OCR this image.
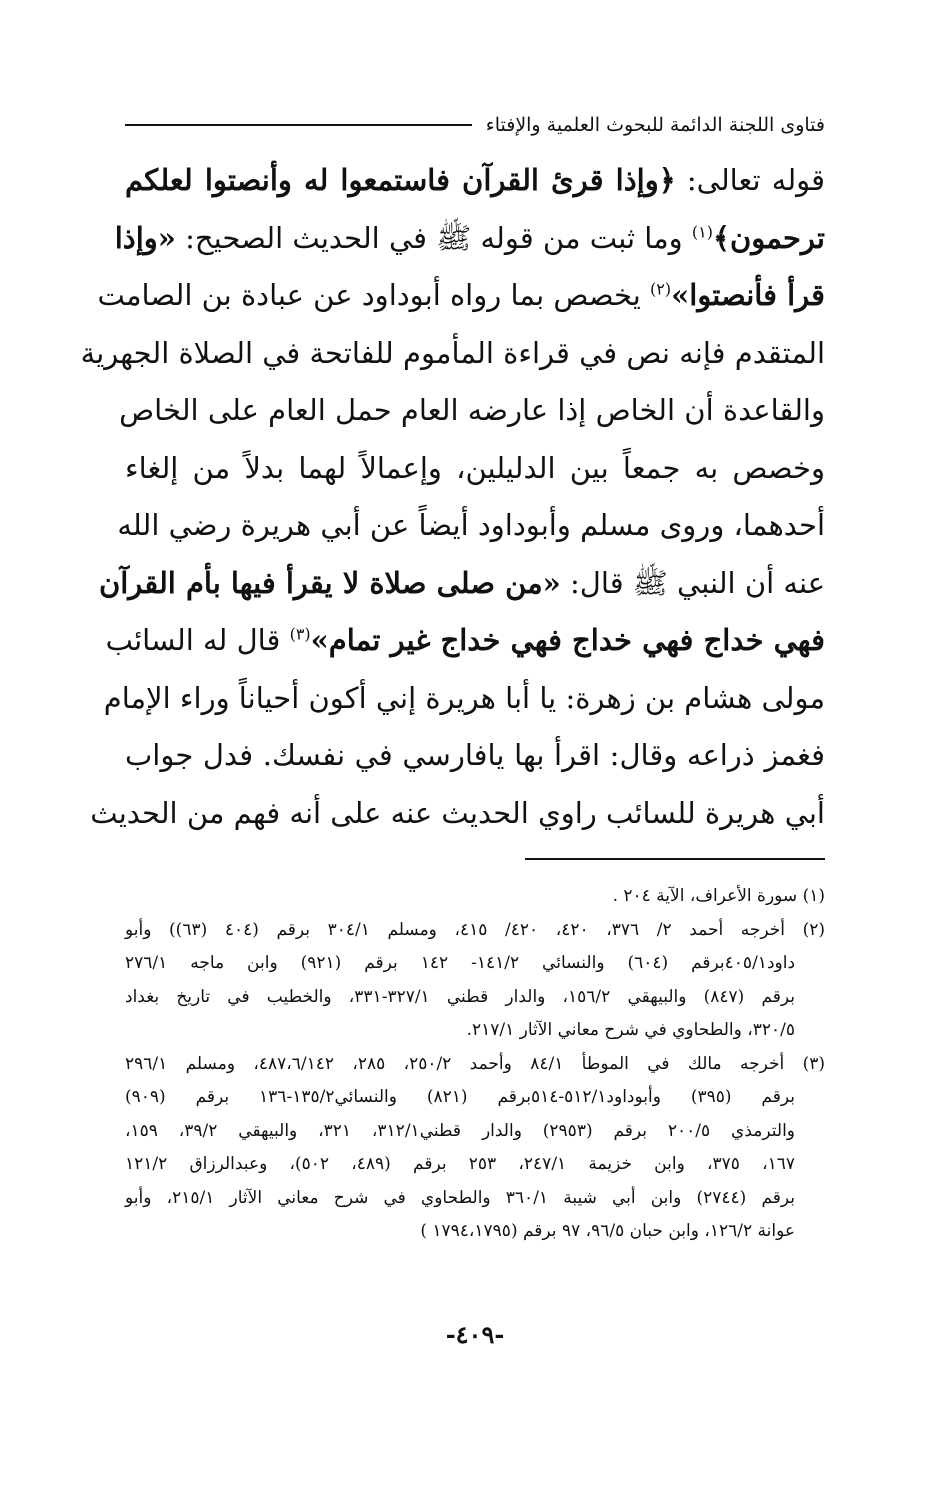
فتاوى اللجنة الدائمة للبحوث العلمية والإفتاء
قوله تعالى: ﴿وإذا قرئ القرآن فاستمعوا له وأنصتوا لعلكم
ترحمون﴾$^{(١)}$ وما ثبت من قوله ﷺ في الحديث الصحيح: «وإذا
قرأ فأنصتوا»$^{(٢)}$ يخصص بما رواه أبوداود عن عبادة بن الصامت
المتقدم فإنه نص في قراءة المأموم للفاتحة في الصلاة الجهرية
والقاعدة أن الخاص إذا عارضه العام حمل العام على الخاص
وخصص به جمعاً بين الدليلين، وإعمالاً لهما بدلاً من إلغاء
أحدهما، وروى مسلم وأبوداود أيضاً عن أبي هريرة رضي الله
عنه أن النبي ﷺ قال: «من صلى صلاة لا يقرأ فيها بأم القرآن
فهي خداج فهي خداج فهي خداج غير تمام»$^{(٣)}$ قال له السائب
مولى هشام بن زهرة: يا أبا هريرة إني أكون أحياناً وراء الإمام
فغمز ذراعه وقال: اقرأ بها يافارسي في نفسك. فدل جواب
أبي هريرة للسائب راوي الحديث عنه على أنه فهم من الحديث
(١) سورة الأعراف، الآية ٢٠٤ .
(٢) أخرجه أحمد ٢/ ٣٧٦، ٤٢٠، ٤٢٠/ ٤١٥، ومسلم ٣٠٤/١ برقم (٤٠٤ (٦٣)) وأبو
داود٤٠٥/١برقم (٦٠٤) والنسائي ١٤١/٢- ١٤٢ برقم (٩٢١) وابن ماجه ٢٧٦/١
برقم (٨٤٧) والبيهقي ١٥٦/٢، والدار قطني ٣٢٧/١-٣٣١، والخطيب في تاريخ بغداد
٣٢٠/٥، والطحاوي في شرح معاني الآثار ٢١٧/١.
(٣) أخرجه مالك في الموطأ ٨٤/١ وأحمد ٢٥٠/٢، ٢٨٥، ٤٨٧،٦/١٤٢، ومسلم ٢٩٦/١
برقم (٣٩٥) وأبوداود٥١٢/١-٥١٤برقم (٨٢١) والنسائي١٣٥/٢-١٣٦ برقم (٩٠٩)
والترمذي ٢٠٠/٥ برقم (٢٩٥٣) والدار قطني٣١٢/١، ٣٢١، والبيهقي ٣٩/٢، ١٥٩،
١٦٧، ٣٧٥، وابن خزيمة ٢٤٧/١، ٢٥٣ برقم (٤٨٩، ٥٠٢)، وعبدالرزاق ١٢١/٢
برقم (٢٧٤٤) وابن أبي شيبة ٣٦٠/١ والطحاوي في شرح معاني الآثار ٢١٥/١، وأبو
عوانة ١٢٦/٢، وابن حبان ٩٦/٥، ٩٧ برقم (١٧٩٤،١٧٩٥ )
-٤٠٩-
